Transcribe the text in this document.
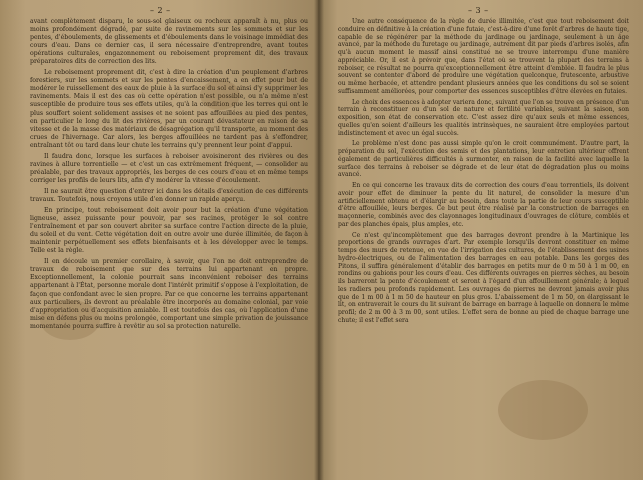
– 2 –

avant complètement disparu, le sous-sol glaiseux ou rocheux apparaît à nu, plus ou moins profondément dégradé, par suite de ravinements sur les sommets et sur les pentes, d'éboulements, de glissements et d'éboulements dans le voisinage immédiat des cours d'eau. Dans ce dernier cas, il sera nécessaire d'entreprendre, avant toutes opérations culturales, engazonnement ou reboisement proprement dit, des travaux préparatoires dits de correction des lits.

Le reboisement proprement dit, c'est à dire la création d'un peuplement d'arbres forestiers, sur les sommets et sur les pentes d'encaissement, a en effet pour but de modérer le ruissellement des eaux de pluie à la surface du sol et ainsi d'y supprimer les ravinements. Mais il est des cas où cette opération n'est possible, ou n'a même n'est susceptible de produire tous ses effets utiles, qu'à la condition que les terres qui ont le plus souffert soient solidement assises et ne soient pas affouillées au pied des pentes, en particulier le long du lit des rivières, par un courant dévastateur en raison de sa vitesse et de la masse des matériaux de désagrégation qu'il transporte, au moment des crues de l'hivernage. Car alors, les berges affouillées ne tardent pas à s'effondrer, entraînant tôt ou tard dans leur chute les terrains qu'y prennent leur point d'appui.

Il faudra donc, lorsque les surfaces à reboiser avoisineront des rivières ou des ravines à allure torrentielle — et c'est un cas extrêmement fréquent, — consolider au préalable, par des travaux appropriés, les berges de ces cours d'eau et en même temps corriger les profils de leurs lits, afin d'y modérer la vitesse d'écoulement.

Il ne saurait être question d'entrer ici dans les détails d'exécution de ces différents travaux. Toutefois, nous croyons utile d'en donner un rapide aperçu.

En principe, tout reboisement doit avoir pour but la création d'une végétation ligneuse, assez puissante pour pouvoir, par ses racines, protéger le sol contre l'entraînement et par son couvert abriter sa surface contre l'action directe de la pluie, du soleil et du vent. Cette végétation doit en outre avoir une durée illimitée, de façon à maintenir perpétuellement ses effets bienfaisants et à les développer avec le temps. Telle est la règle.

Il en découle un premier corollaire, à savoir, que l'on ne doit entreprendre de travaux de reboisement que sur des terrains lui appartenant en propre. Exceptionnellement, la colonie pourrait sans inconvénient reboiser des terrains appartenant à l'État, personne morale dont l'intérêt primitif s'oppose à l'exploitation, de façon que confondant avec le sien propre. Par ce que concerne les terrains appartenant aux particuliers, ils devront au préalable être incorporés au domaine colonial, par voie d'appropriation ou d'acquisition amiable. Il est toutefois des cas, où l'application d'une mise en défens plus ou moins prolongée, comportant une simple privation de jouissance momentanée pourra suffire à revêtir au sol sa protection naturelle.

– 3 –

Une autre conséquence de la règle de durée illimitée, c'est que tout reboisement doit conduire en définitive à la création d'une futaie, c'est-à-dire d'une forêt d'arbres de haute tige, capable de se régénérer par la méthode du jardinage ou jardinage, seulement à un âge avancé, par la méthode du furetage ou jardinage, autrement dit par pieds d'arbres isolés, afin qu'à aucun moment le massif ainsi constitué ne se trouve interrompu d'une manière appréciable. Or, il est à prévoir que, dans l'état où se trouvent la plupart des terrains à reboiser, ce résultat ne pourra qu'exceptionnellement être atteint d'emblée. Il faudra le plus souvent se contenter d'abord de produire une végétation quelconque, frutescente, arbustive ou même herbacée, et attendre pendant plusieurs années que les conditions du sol se soient suffisamment améliorées, pour comporter des essences susceptibles d'être élevées en futaies.

Le choix des essences à adopter variera donc, suivant que l'on se trouve en présence d'un terrain à reconstituer ou d'un sol de nature et fertilité variables, suivant la saison, son exposition, son état de conservation etc. C'est assez dire qu'aux seuls et même essences, quelles qu'en soient d'ailleurs les qualités intrinsèques, ne sauraient être employées partout indistinctement et avec un égal succès.

Le problème n'est donc pas aussi simple qu'on le croit communément. D'autre part, la préparation du sol, l'exécution des semis et des plantations, leur entretien ultérieur offrent également de particulières difficultés à surmonter, en raison de la facilité avec laquelle la surface des terrains à reboiser se dégrade et de leur état de dégradation plus ou moins avancé.

En ce qui concerne les travaux dits de correction des cours d'eau torrentiels, ils doivent avoir pour effet de diminuer la pente du lit naturel, de consolider la mesure d'un artificiellement obtenu et d'élargir au besoin, dans toute la partie de leur cours susceptible d'être affouillée, leurs berges. Ce but peut être réalisé par la construction de barrages en maçonnerie, combinés avec des clayonnages longitudinaux d'ouvrages de clôture, comblés et par des planches épais, plus amples, etc.

Ce n'est qu'incomplètement que des barrages devront prendre à la Martinique les proportions de grands ouvrages d'art. Par exemple lorsqu'ils devront constituer en même temps des murs de retenue, en vue de l'irrigation des cultures, de l'établissement des usines hydro-électriques, ou de l'alimentation des barrages en eau potable. Dans les gorges des Pitons, il suffira généralement d'établir des barrages en petits mur de 0 m 50 à 1 m 00, en rondins ou gabions pour les cours d'eau. Ces différents ouvrages en pierres sèches, au besoin ils barreront la pente d'écoulement et seront à l'égard d'un affouillement générale; à lequel les radiers peu profonds rapidement. Les ouvrages de pierres ne devront jamais avoir plus que de 1 m 00 à 1 m 50 de hauteur en plus gros. L'abaissement de 1 m 50, on élargissant le lit, on entraverait le cours du lit suivant de barrage en barrage à laquelle on donnera le même profil; de 2 m 00 à 3 m 00, sont utiles. L'effet sera de bonne au pied de chaque barrage une chute; il est l'effet sera
